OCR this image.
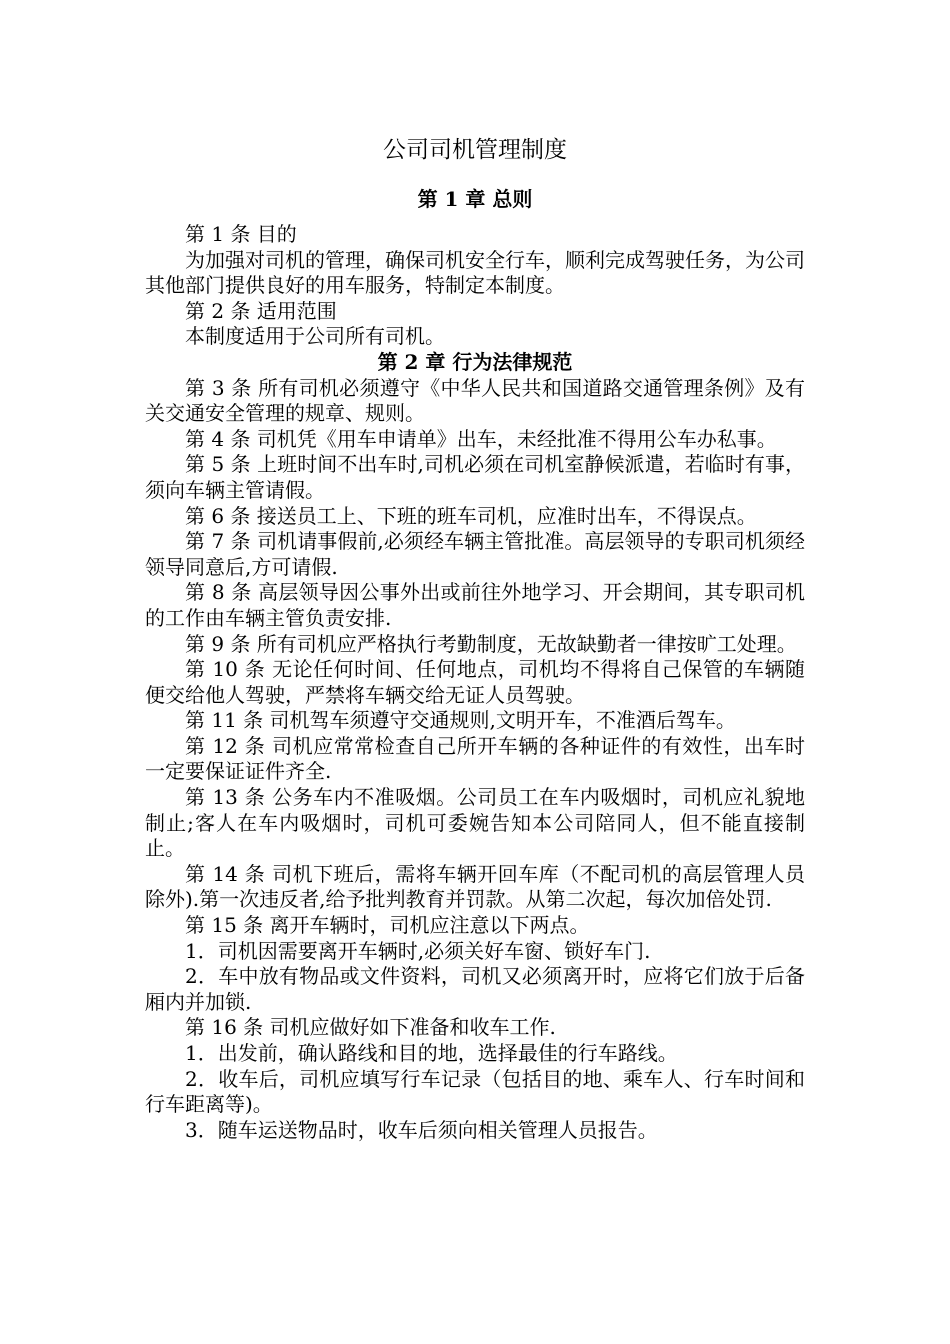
公司司机管理制度
第 1 章 总则

第 1 条 目的

为加强对司机的管理，确保司机安全行车，顺利完成驾驶任务，为公司其他部门提供良好的用车服务，特制定本制度。

第 2 条 适用范围

本制度适用于公司所有司机。

第 2 章 行为法律规范

第 3 条 所有司机必须遵守《中华人民共和国道路交通管理条例》及有关交通安全管理的规章、规则。

第 4 条 司机凭《用车申请单》出车，未经批准不得用公车办私事。

第 5 条 上班时间不出车时,司机必须在司机室静候派遣，若临时有事，须向车辆主管请假。

第 6 条 接送员工上、下班的班车司机，应准时出车，不得误点。

第 7 条 司机请事假前,必须经车辆主管批准。高层领导的专职司机须经领导同意后,方可请假.

第 8 条 高层领导因公事外出或前往外地学习、开会期间，其专职司机的工作由车辆主管负责安排.

第 9 条 所有司机应严格执行考勤制度，无故缺勤者一律按旷工处理。

第 10 条 无论任何时间、任何地点，司机均不得将自己保管的车辆随便交给他人驾驶，严禁将车辆交给无证人员驾驶。

第 11 条 司机驾车须遵守交通规则,文明开车，不准酒后驾车。

第 12 条 司机应常常检查自己所开车辆的各种证件的有效性，出车时一定要保证证件齐全.

第 13 条 公务车内不准吸烟。公司员工在车内吸烟时，司机应礼貌地制止;客人在车内吸烟时，司机可委婉告知本公司陪同人，但不能直接制止。

第 14 条 司机下班后，需将车辆开回车库（不配司机的高层管理人员除外).第一次违反者,给予批判教育并罚款。从第二次起，每次加倍处罚.

第 15 条 离开车辆时，司机应注意以下两点。

1．司机因需要离开车辆时,必须关好车窗、锁好车门.

2．车中放有物品或文件资料，司机又必须离开时，应将它们放于后备厢内并加锁.

第 16 条 司机应做好如下准备和收车工作.

1．出发前，确认路线和目的地，选择最佳的行车路线。

2．收车后，司机应填写行车记录（包括目的地、乘车人、行车时间和行车距离等)。

3．随车运送物品时，收车后须向相关管理人员报告。
